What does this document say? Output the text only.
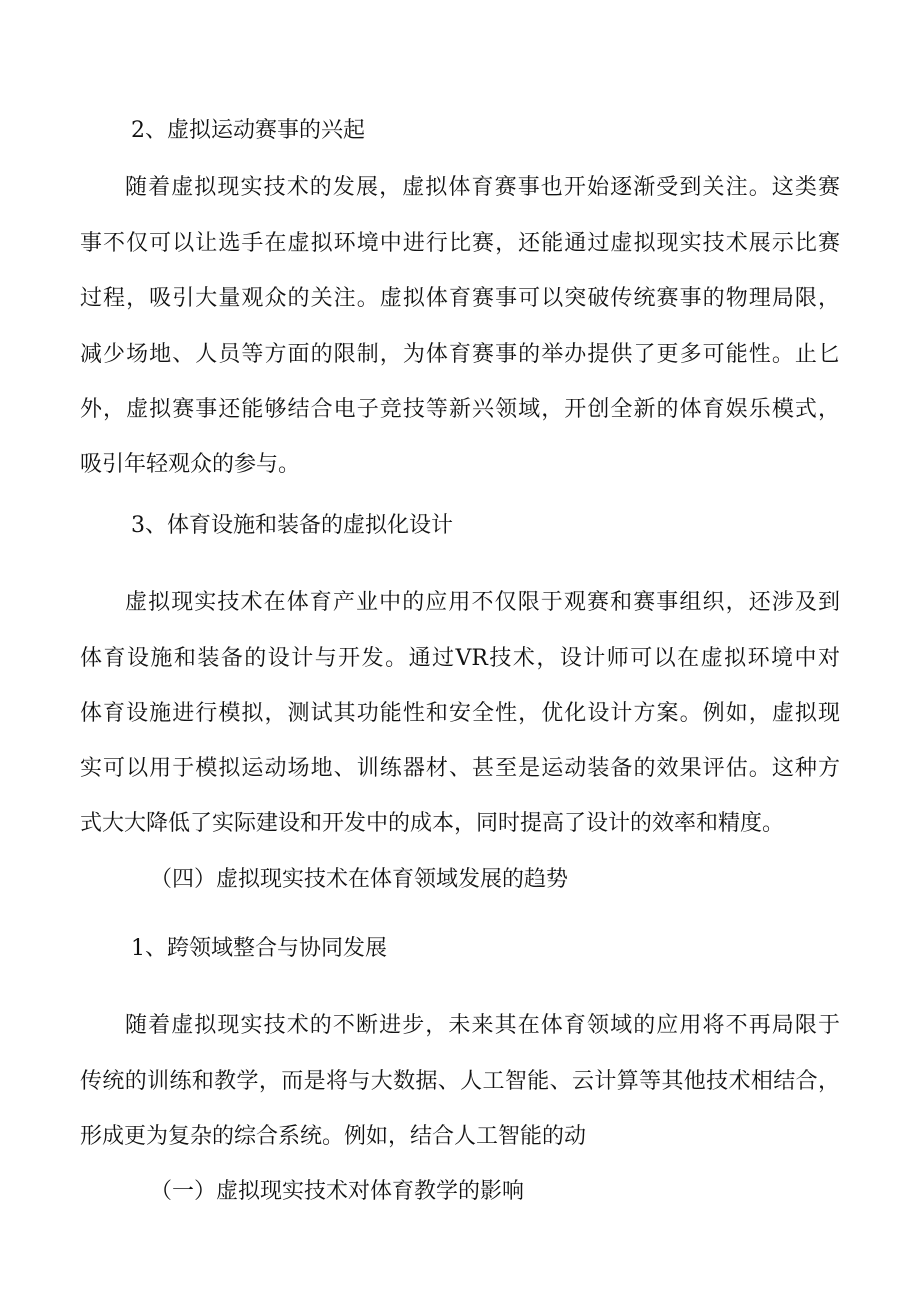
2、虚拟运动赛事的兴起
随着虚拟现实技术的发展，虚拟体育赛事也开始逐渐受到关注。这类赛
事不仅可以让选手在虚拟环境中进行比赛，还能通过虚拟现实技术展示比赛
过程，吸引大量观众的关注。虚拟体育赛事可以突破传统赛事的物理局限，
减少场地、人员等方面的限制，为体育赛事的举办提供了更多可能性。止匕
外，虚拟赛事还能够结合电子竞技等新兴领域，开创全新的体育娱乐模式，
吸引年轻观众的参与。
3、体育设施和装备的虚拟化设计
虚拟现实技术在体育产业中的应用不仅限于观赛和赛事组织，还涉及到
体育设施和装备的设计与开发。通过VR技术，设计师可以在虚拟环境中对
体育设施进行模拟，测试其功能性和安全性，优化设计方案。例如，虚拟现
实可以用于模拟运动场地、训练器材、甚至是运动装备的效果评估。这种方
式大大降低了实际建设和开发中的成本，同时提高了设计的效率和精度。
（四）虚拟现实技术在体育领域发展的趋势
1、跨领域整合与协同发展
随着虚拟现实技术的不断进步，未来其在体育领域的应用将不再局限于
传统的训练和教学，而是将与大数据、人工智能、云计算等其他技术相结合，
形成更为复杂的综合系统。例如，结合人工智能的动
（一）虚拟现实技术对体育教学的影响
